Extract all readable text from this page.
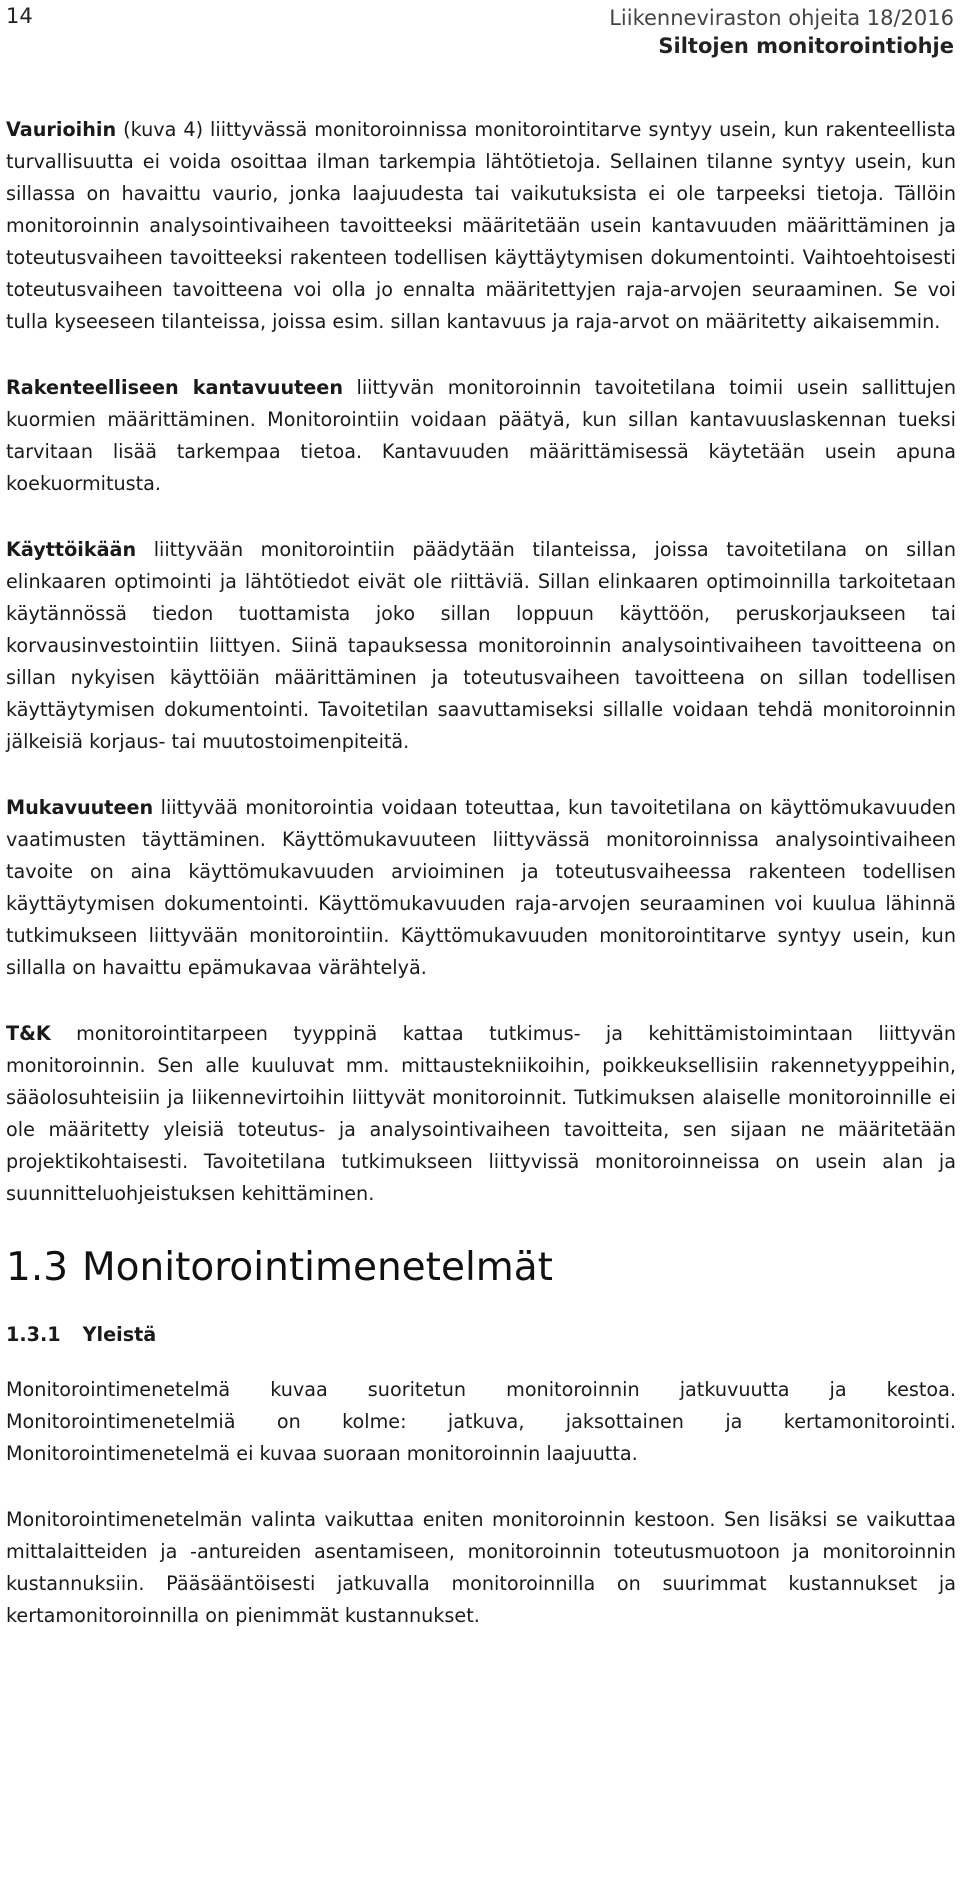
14	Liikenneviraston ohjeita 18/2016
Siltojen monitorointiohje

Vaurioihin (kuva 4) liittyvässä monitoroinnissa monitorointitarve syntyy usein, kun rakenteellista turvallisuutta ei voida osoittaa ilman tarkempia lähtötietoja. Sellainen tilanne syntyy usein, kun sillassa on havaittu vaurio, jonka laajuudesta tai vaikutuksista ei ole tarpeeksi tietoja. Tällöin monitoroinnin analysointivaiheen tavoitteeksi määritetään usein kantavuuden määrittäminen ja toteutusvaiheen tavoitteeksi rakenteen todellisen käyttäytymisen dokumentointi. Vaihtoehtoisesti toteutusvaiheen tavoitteena voi olla jo ennalta määritettyjen raja-arvojen seuraaminen. Se voi tulla kyseeseen tilanteissa, joissa esim. sillan kantavuus ja raja-arvot on määritetty aikaisemmin.

Rakenteelliseen kantavuuteen liittyvän monitoroinnin tavoitetilana toimii usein sallittujen kuormien määrittäminen. Monitorointiin voidaan päätyä, kun sillan kantavuuslaskennan tueksi tarvitaan lisää tarkempaa tietoa. Kantavuuden määrittämisessä käytetään usein apuna koekuormitusta.

Käyttöikään liittyvään monitorointiin päädytään tilanteissa, joissa tavoitetilana on sillan elinkaaren optimointi ja lähtötiedot eivät ole riittäviä. Sillan elinkaaren optimoinnilla tarkoitetaan käytännössä tiedon tuottamista joko sillan loppuun käyttöön, peruskorjaukseen tai korvausinvestointiin liittyen. Siinä tapauksessa monitoroinnin analysointivaiheen tavoitteena on sillan nykyisen käyttöiän määrittäminen ja toteutusvaiheen tavoitteena on sillan todellisen käyttäytymisen dokumentointi. Tavoitetilan saavuttamiseksi sillalle voidaan tehdä monitoroinnin jälkeisiä korjaus- tai muutostoimenpiteitä.

Mukavuuteen liittyvää monitorointia voidaan toteuttaa, kun tavoitetilana on käyttömukavuuden vaatimusten täyttäminen. Käyttömukavuuteen liittyvässä monitoroinnissa analysointivaiheen tavoite on aina käyttömukavuuden arvioiminen ja toteutusvaiheessa rakenteen todellisen käyttäytymisen dokumentointi. Käyttömukavuuden raja-arvojen seuraaminen voi kuulua lähinnä tutkimukseen liittyvään monitorointiin. Käyttömukavuuden monitorointitarve syntyy usein, kun sillalla on havaittu epämukavaa värähtelyä.

T&K monitorointitarpeen tyyppinä kattaa tutkimus- ja kehittämistoimintaan liittyvän monitoroinnin. Sen alle kuuluvat mm. mittaustekniikoihin, poikkeuksellisiin rakennetyyppeihin, sääolosuhteisiin ja liikennevirtoihin liittyvät monitoroinnit. Tutkimuksen alaiselle monitoroinnille ei ole määritetty yleisiä toteutus- ja analysointivaiheen tavoitteita, sen sijaan ne määritetään projektikohtaisesti. Tavoitetilana tutkimukseen liittyvissä monitoroinneissa on usein alan ja suunnitteluohjeistuksen kehittäminen.

1.3 Monitorointimenetelmät
1.3.1 Yleistä

Monitorointimenetelmä kuvaa suoritetun monitoroinnin jatkuvuutta ja kestoa. Monitorointimenetelmiä on kolme: jatkuva, jaksottainen ja kertamonitorointi. Monitorointimenetelmä ei kuvaa suoraan monitoroinnin laajuutta.

Monitorointimenetelmän valinta vaikuttaa eniten monitoroinnin kestoon. Sen lisäksi se vaikuttaa mittalaitteiden ja -antureiden asentamiseen, monitoroinnin toteutusmuotoon ja monitoroinnin kustannuksiin. Pääsääntöisesti jatkuvalla monitoroinnilla on suurimmat kustannukset ja kertamonitoroinnilla on pienimmät kustannukset.
